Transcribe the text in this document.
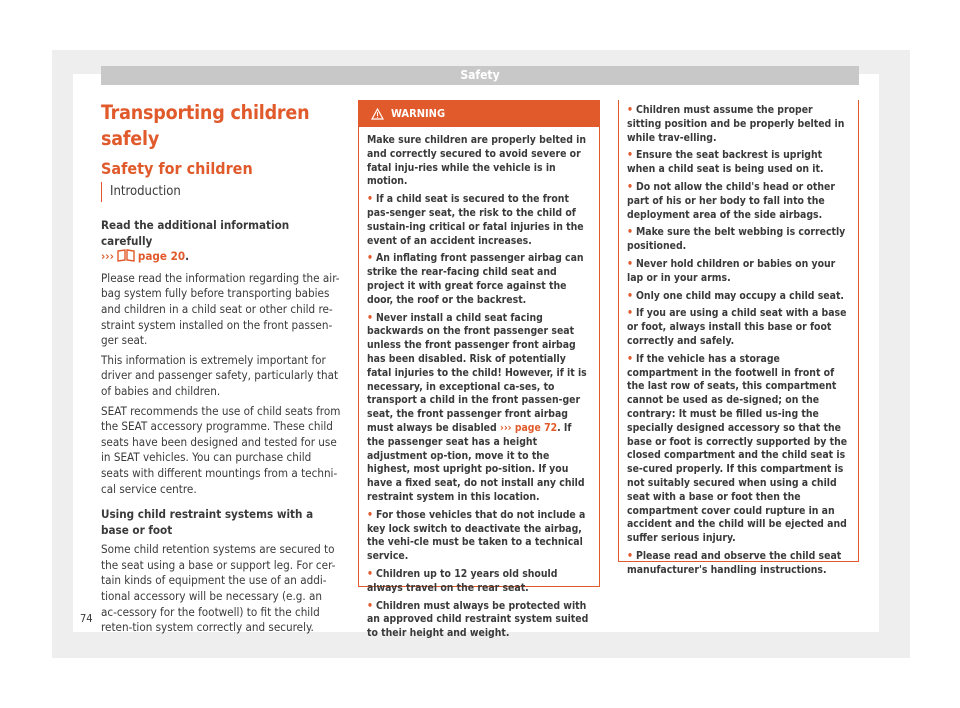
Safety
Transporting children safely
Safety for children
Introduction

Read the additional information carefully
››› page 20.

Please read the information regarding the air-bag system fully before transporting babies and children in a child seat or other child re-straint system installed on the front passen-ger seat.

This information is extremely important for driver and passenger safety, particularly that of babies and children.

SEAT recommends the use of child seats from the SEAT accessory programme. These child seats have been designed and tested for use in SEAT vehicles. You can purchase child seats with different mountings from a techni-cal service centre.

Using child restraint systems with a base or foot

Some child retention systems are secured to the seat using a base or support leg. For cer-tain kinds of equipment the use of an addi-tional accessory will be necessary (e.g. an ac-cessory for the footwell) to fit the child reten-tion system correctly and securely.

WARNING

Make sure children are properly belted in and correctly secured to avoid severe or fatal inju-ries while the vehicle is in motion.

• If a child seat is secured to the front pas-senger seat, the risk to the child of sustain-ing critical or fatal injuries in the event of an accident increases.
• An inflating front passenger airbag can strike the rear-facing child seat and project it with great force against the door, the roof or the backrest.
• Never install a child seat facing backwards on the front passenger seat unless the front passenger front airbag has been disabled. Risk of potentially fatal injuries to the child! However, if it is necessary, in exceptional ca-ses, to transport a child in the front passen-ger seat, the front passenger front airbag must always be disabled ››› page 72. If the passenger seat has a height adjustment op-tion, move it to the highest, most upright po-sition. If you have a fixed seat, do not install any child restraint system in this location.
• For those vehicles that do not include a key lock switch to deactivate the airbag, the vehi-cle must be taken to a technical service.
• Children up to 12 years old should always travel on the rear seat.
• Children must always be protected with an approved child restraint system suited to their height and weight.
• Children must assume the proper sitting position and be properly belted in while trav-elling.
• Ensure the seat backrest is upright when a child seat is being used on it.
• Do not allow the child's head or other part of his or her body to fall into the deployment area of the side airbags.
• Make sure the belt webbing is correctly positioned.
• Never hold children or babies on your lap or in your arms.
• Only one child may occupy a child seat.
• If you are using a child seat with a base or foot, always install this base or foot correctly and safely.
• If the vehicle has a storage compartment in the footwell in front of the last row of seats, this compartment cannot be used as de-signed; on the contrary: It must be filled us-ing the specially designed accessory so that the base or foot is correctly supported by the closed compartment and the child seat is se-cured properly. If this compartment is not suitably secured when using a child seat with a base or foot then the compartment cover could rupture in an accident and the child will be ejected and suffer serious injury.
• Please read and observe the child seat manufacturer's handling instructions.
74
